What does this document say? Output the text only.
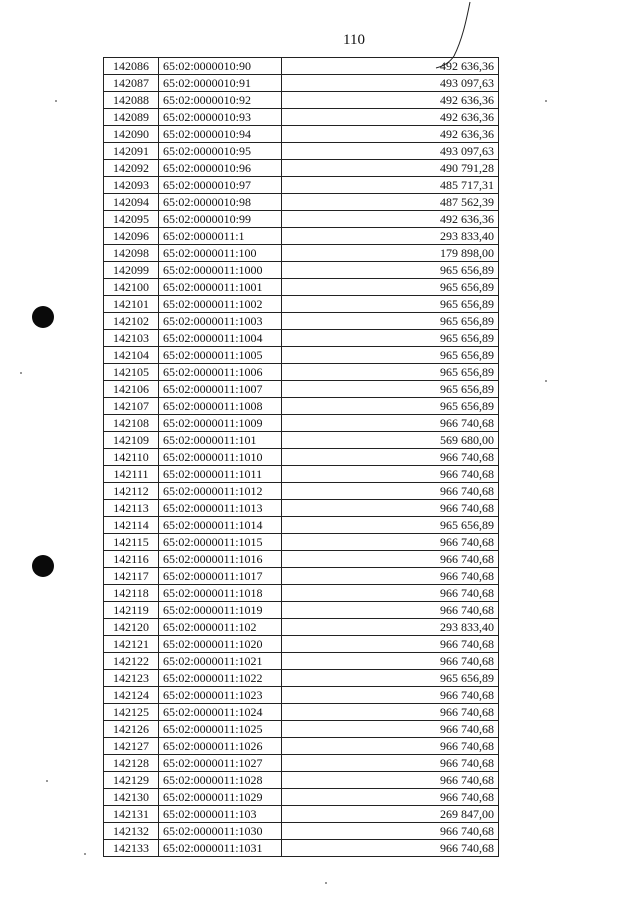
110
142086	65:02:0000010:90	492 636,36
142087	65:02:0000010:91	493 097,63
142088	65:02:0000010:92	492 636,36
142089	65:02:0000010:93	492 636,36
142090	65:02:0000010:94	492 636,36
142091	65:02:0000010:95	493 097,63
142092	65:02:0000010:96	490 791,28
142093	65:02:0000010:97	485 717,31
142094	65:02:0000010:98	487 562,39
142095	65:02:0000010:99	492 636,36
142096	65:02:0000011:1	293 833,40
142098	65:02:0000011:100	179 898,00
142099	65:02:0000011:1000	965 656,89
142100	65:02:0000011:1001	965 656,89
142101	65:02:0000011:1002	965 656,89
142102	65:02:0000011:1003	965 656,89
142103	65:02:0000011:1004	965 656,89
142104	65:02:0000011:1005	965 656,89
142105	65:02:0000011:1006	965 656,89
142106	65:02:0000011:1007	965 656,89
142107	65:02:0000011:1008	965 656,89
142108	65:02:0000011:1009	966 740,68
142109	65:02:0000011:101	569 680,00
142110	65:02:0000011:1010	966 740,68
142111	65:02:0000011:1011	966 740,68
142112	65:02:0000011:1012	966 740,68
142113	65:02:0000011:1013	966 740,68
142114	65:02:0000011:1014	965 656,89
142115	65:02:0000011:1015	966 740,68
142116	65:02:0000011:1016	966 740,68
142117	65:02:0000011:1017	966 740,68
142118	65:02:0000011:1018	966 740,68
142119	65:02:0000011:1019	966 740,68
142120	65:02:0000011:102	293 833,40
142121	65:02:0000011:1020	966 740,68
142122	65:02:0000011:1021	966 740,68
142123	65:02:0000011:1022	965 656,89
142124	65:02:0000011:1023	966 740,68
142125	65:02:0000011:1024	966 740,68
142126	65:02:0000011:1025	966 740,68
142127	65:02:0000011:1026	966 740,68
142128	65:02:0000011:1027	966 740,68
142129	65:02:0000011:1028	966 740,68
142130	65:02:0000011:1029	966 740,68
142131	65:02:0000011:103	269 847,00
142132	65:02:0000011:1030	966 740,68
142133	65:02:0000011:1031	966 740,68
